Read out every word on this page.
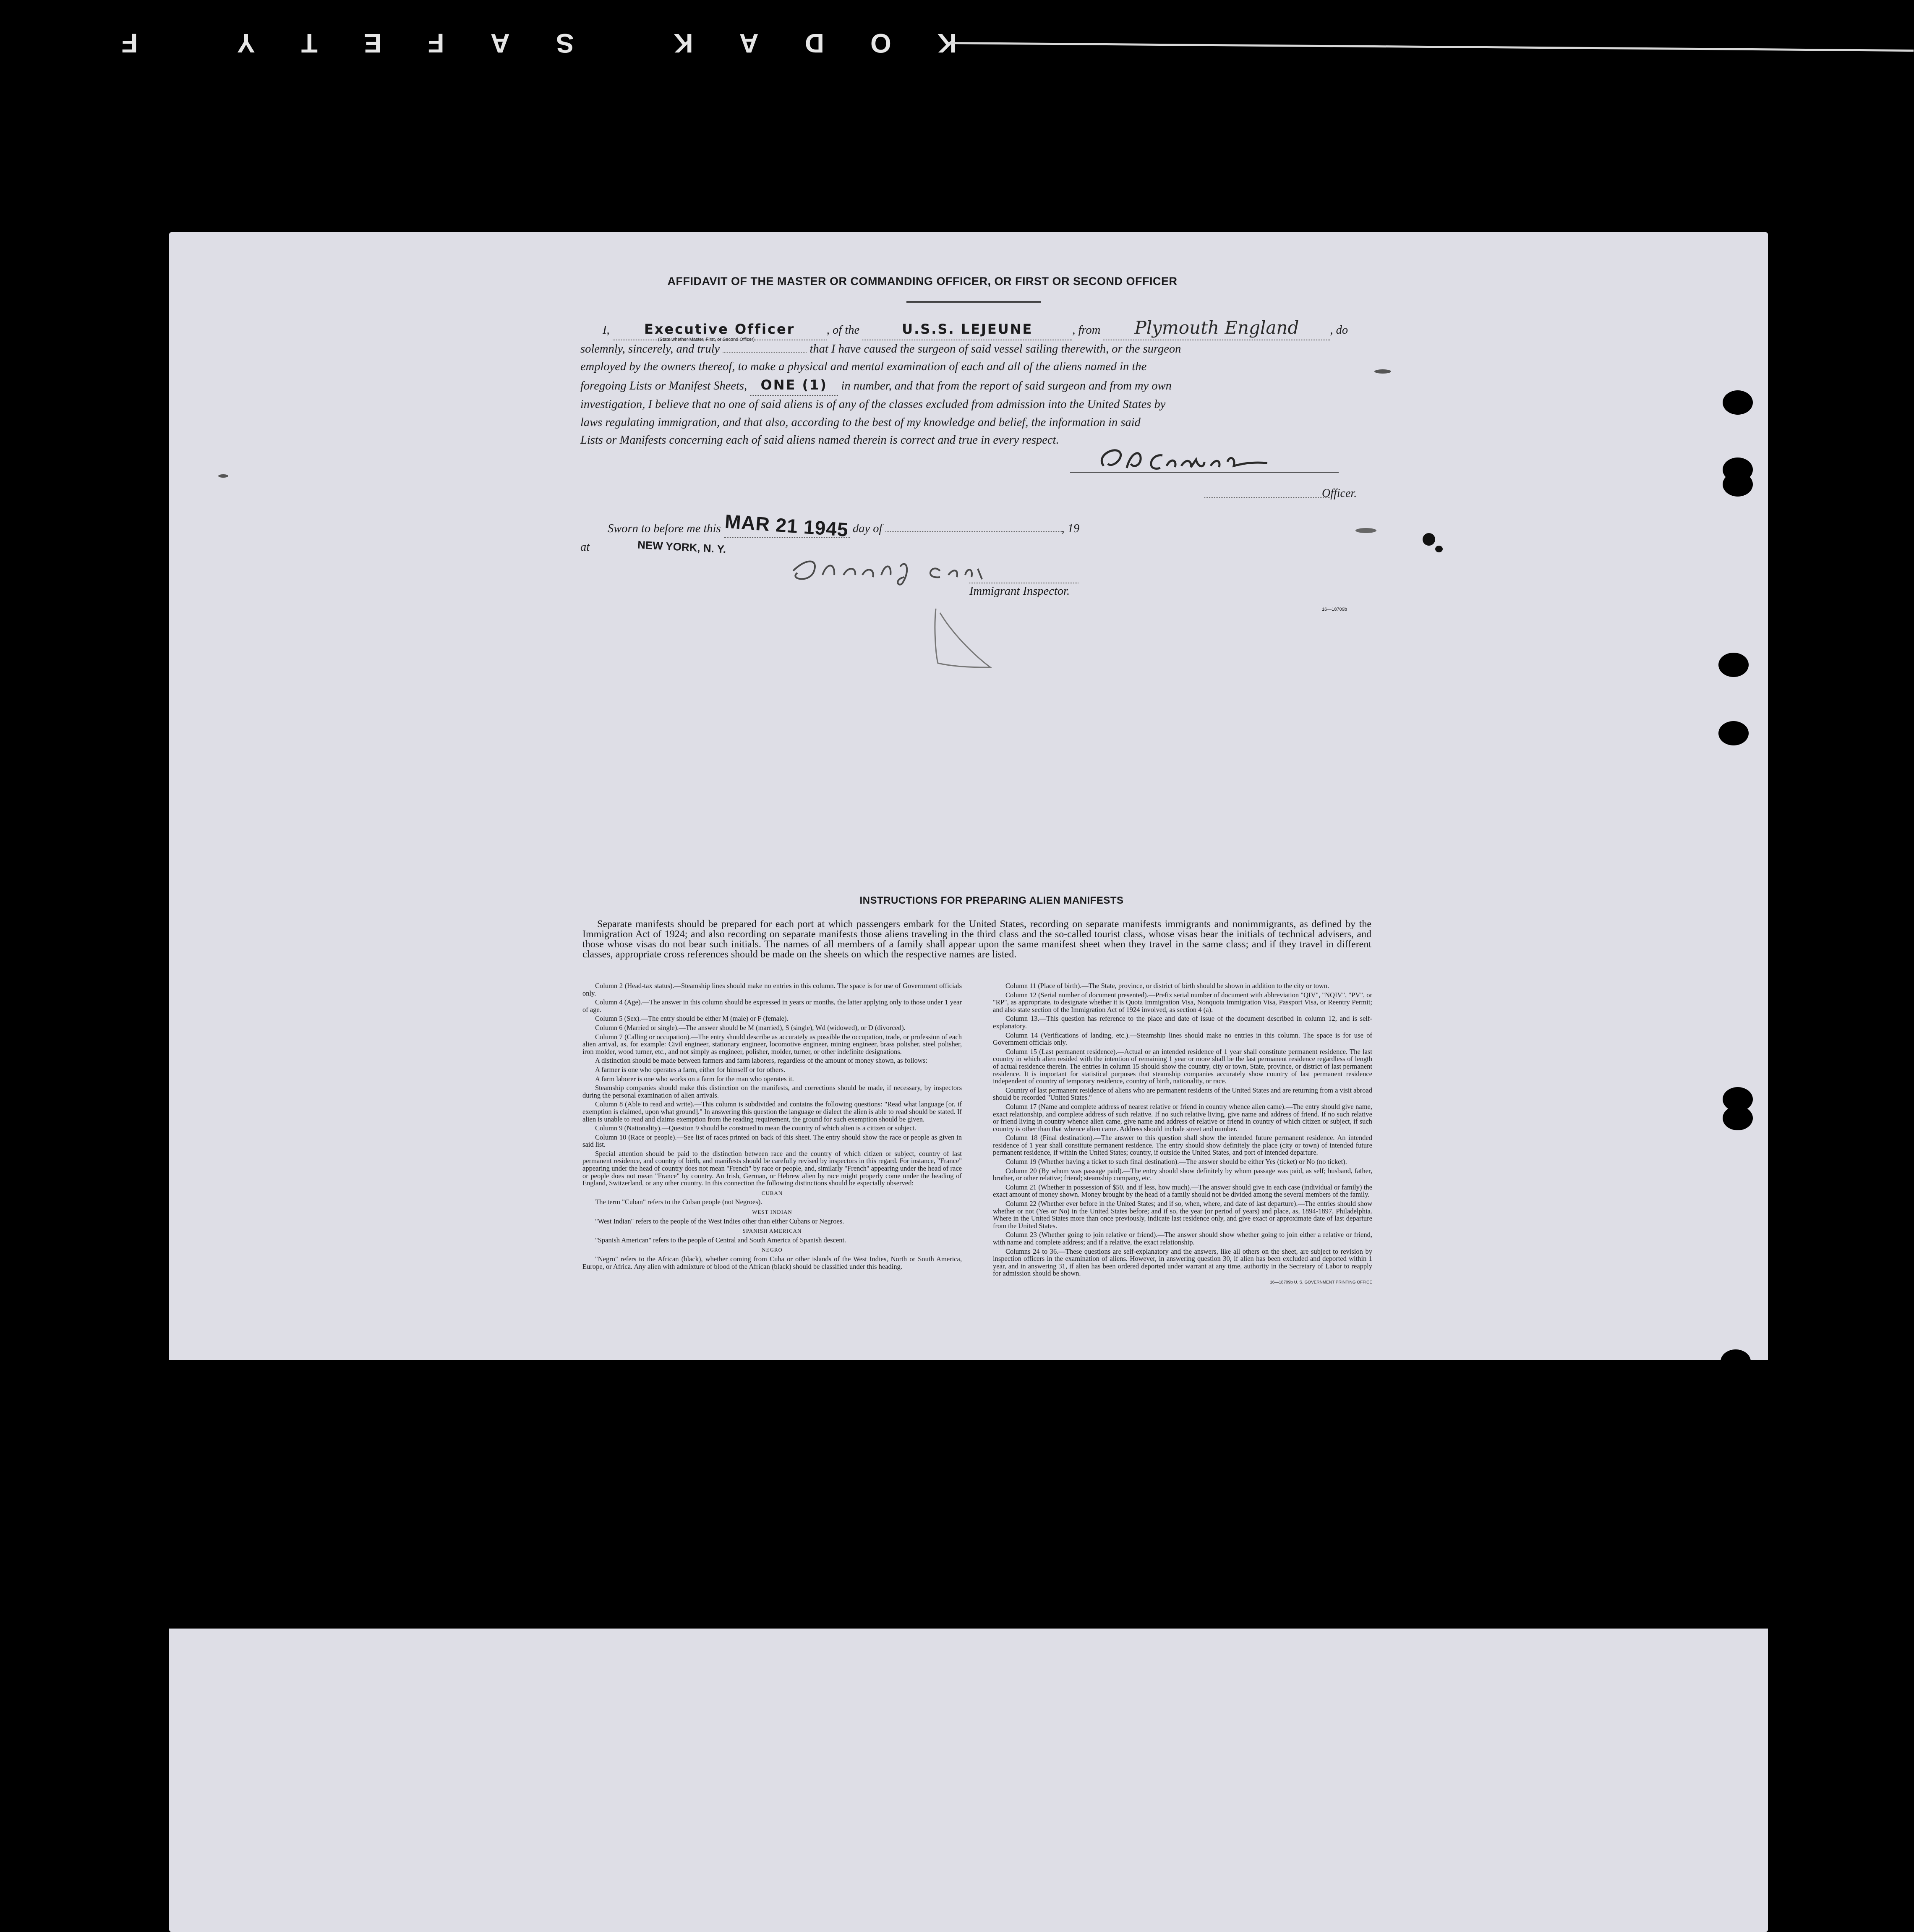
KODAK SAFETY F
AFFIDAVIT OF THE MASTER OR COMMANDING OFFICER, OR FIRST OR SECOND OFFICER
I,	Executive Officer	, of the	U.S.S. LEJEUNE	, from Plymouth England	, do
solemnly, sincerely, and truly	that I have caused the surgeon of said vessel sailing therewith, or the surgeon
employed by the owners thereof, to make a physical and mental examination of each and all of the aliens named in the
foregoing Lists or Manifest Sheets, ONE (1) in number, and that from the report of said surgeon and from my own
investigation, I believe that no one of said aliens is of any of the classes excluded from admission into the United States by
laws regulating immigration, and that also, according to the best of my knowledge and belief, the information in said
Lists or Manifests concerning each of said aliens named therein is correct and true in every respect.
(State whether Master, First, or Second Officer)
Officer.
Sworn to before me this MAR 21 1945 day of	, 19
at	NEW YORK, N. Y.
Immigrant Inspector.
16—18709b
INSTRUCTIONS FOR PREPARING ALIEN MANIFESTS
Separate manifests should be prepared for each port at which passengers embark for the United States, recording on separate manifests immigrants and nonimmigrants, as defined by the Immigration Act of 1924; and also recording on separate manifests those aliens traveling in the third class and the so-called tourist class, whose visas bear the initials of technical advisers, and those whose visas do not bear such initials. The names of all members of a family shall appear upon the same manifest sheet when they travel in the same class; and if they travel in different classes, appropriate cross references should be made on the sheets on which the respective names are listed.

Column 2 (Head-tax status).—Steamship lines should make no entries in this column. The space is for use of Government officials only.

Column 4 (Age).—The answer in this column should be expressed in years or months, the latter applying only to those under 1 year of age.

Column 5 (Sex).—The entry should be either M (male) or F (female).

Column 6 (Married or single).—The answer should be M (married), S (single), Wd (widowed), or D (divorced).

Column 7 (Calling or occupation).—The entry should describe as accurately as possible the occupation, trade, or profession of each alien arrival, as, for example: Civil engineer, stationary engineer, locomotive engineer, mining engineer, brass polisher, steel polisher, iron molder, wood turner, etc., and not simply as engineer, polisher, molder, turner, or other indefinite designations.

A distinction should be made between farmers and farm laborers, regardless of the amount of money shown, as follows:

A farmer is one who operates a farm, either for himself or for others.

A farm laborer is one who works on a farm for the man who operates it.

Steamship companies should make this distinction on the manifests, and corrections should be made, if necessary, by inspectors during the personal examination of alien arrivals.

Column 8 (Able to read and write).—This column is subdivided and contains the following questions: "Read what language [or, if exemption is claimed, upon what ground]." In answering this question the language or dialect the alien is able to read should be stated. If alien is unable to read and claims exemption from the reading requirement, the ground for such exemption should be given.

Column 9 (Nationality).—Question 9 should be construed to mean the country of which alien is a citizen or subject.

Column 10 (Race or people).—See list of races printed on back of this sheet. The entry should show the race or people as given in said list.

Special attention should be paid to the distinction between race and the country of which citizen or subject, country of last permanent residence, and country of birth, and manifests should be carefully revised by inspectors in this regard. For instance, "France" appearing under the head of country does not mean "French" by race or people, and, similarly "French" appearing under the head of race or people does not mean "France" by country. An Irish, German, or Hebrew alien by race might properly come under the heading of England, Switzerland, or any other country. In this connection the following distinctions should be especially observed:

CUBAN

The term "Cuban" refers to the Cuban people (not Negroes).

WEST INDIAN

"West Indian" refers to the people of the West Indies other than either Cubans or Negroes.

SPANISH AMERICAN

"Spanish American" refers to the people of Central and South America of Spanish descent.

NEGRO

"Negro" refers to the African (black), whether coming from Cuba or other islands of the West Indies, North or South America, Europe, or Africa. Any alien with admixture of blood of the African (black) should be classified under this heading.

Column 11 (Place of birth).—The State, province, or district of birth should be shown in addition to the city or town.

Column 12 (Serial number of document presented).—Prefix serial number of document with abbreviation "QIV", "NQIV", "PV", or "RP", as appropriate, to designate whether it is Quota Immigration Visa, Nonquota Immigration Visa, Passport Visa, or Reentry Permit; and also state section of the Immigration Act of 1924 involved, as section 4 (a).

Column 13.—This question has reference to the place and date of issue of the document described in column 12, and is self-explanatory.

Column 14 (Verifications of landing, etc.).—Steamship lines should make no entries in this column. The space is for use of Government officials only.

Column 15 (Last permanent residence).—Actual or an intended residence of 1 year shall constitute permanent residence. The last country in which alien resided with the intention of remaining 1 year or more shall be the last permanent residence regardless of length of actual residence therein. The entries in column 15 should show the country, city or town, State, province, or district of last permanent residence. It is important for statistical purposes that steamship companies accurately show country of last permanent residence independent of country of temporary residence, country of birth, nationality, or race.

Country of last permanent residence of aliens who are permanent residents of the United States and are returning from a visit abroad should be recorded "United States."

Column 17 (Name and complete address of nearest relative or friend in country whence alien came).—The entry should give name, exact relationship, and complete address of such relative. If no such relative living, give name and address of friend. If no such relative or friend living in country whence alien came, give name and address of relative or friend in country of which citizen or subject, if such country is other than that whence alien came. Address should include street and number.

Column 18 (Final destination).—The answer to this question shall show the intended future permanent residence. An intended residence of 1 year shall constitute permanent residence. The entry should show definitely the place (city or town) of intended future permanent residence, if within the United States; country, if outside the United States, and port of intended departure.

Column 19 (Whether having a ticket to such final destination).—The answer should be either Yes (ticket) or No (no ticket).

Column 20 (By whom was passage paid).—The entry should show definitely by whom passage was paid, as self; husband, father, brother, or other relative; friend; steamship company, etc.

Column 21 (Whether in possession of $50, and if less, how much).—The answer should give in each case (individual or family) the exact amount of money shown. Money brought by the head of a family should not be divided among the several members of the family.

Column 22 (Whether ever before in the United States; and if so, when, where, and date of last departure).—The entries should show whether or not (Yes or No) in the United States before; and if so, the year (or period of years) and place, as, 1894-1897, Philadelphia. Where in the United States more than once previously, indicate last residence only, and give exact or approximate date of last departure from the United States.

Column 23 (Whether going to join relative or friend).—The answer should show whether going to join either a relative or friend, with name and complete address; and if a relative, the exact relationship.

Columns 24 to 36.—These questions are self-explanatory and the answers, like all others on the sheet, are subject to revision by inspection officers in the examination of aliens. However, in answering question 30, if alien has been excluded and deported within 1 year, and in answering 31, if alien has been ordered deported under warrant at any time, authority in the Secretary of Labor to reapply for admission should be shown.

16—18709b U. S. GOVERNMENT PRINTING OFFICE
